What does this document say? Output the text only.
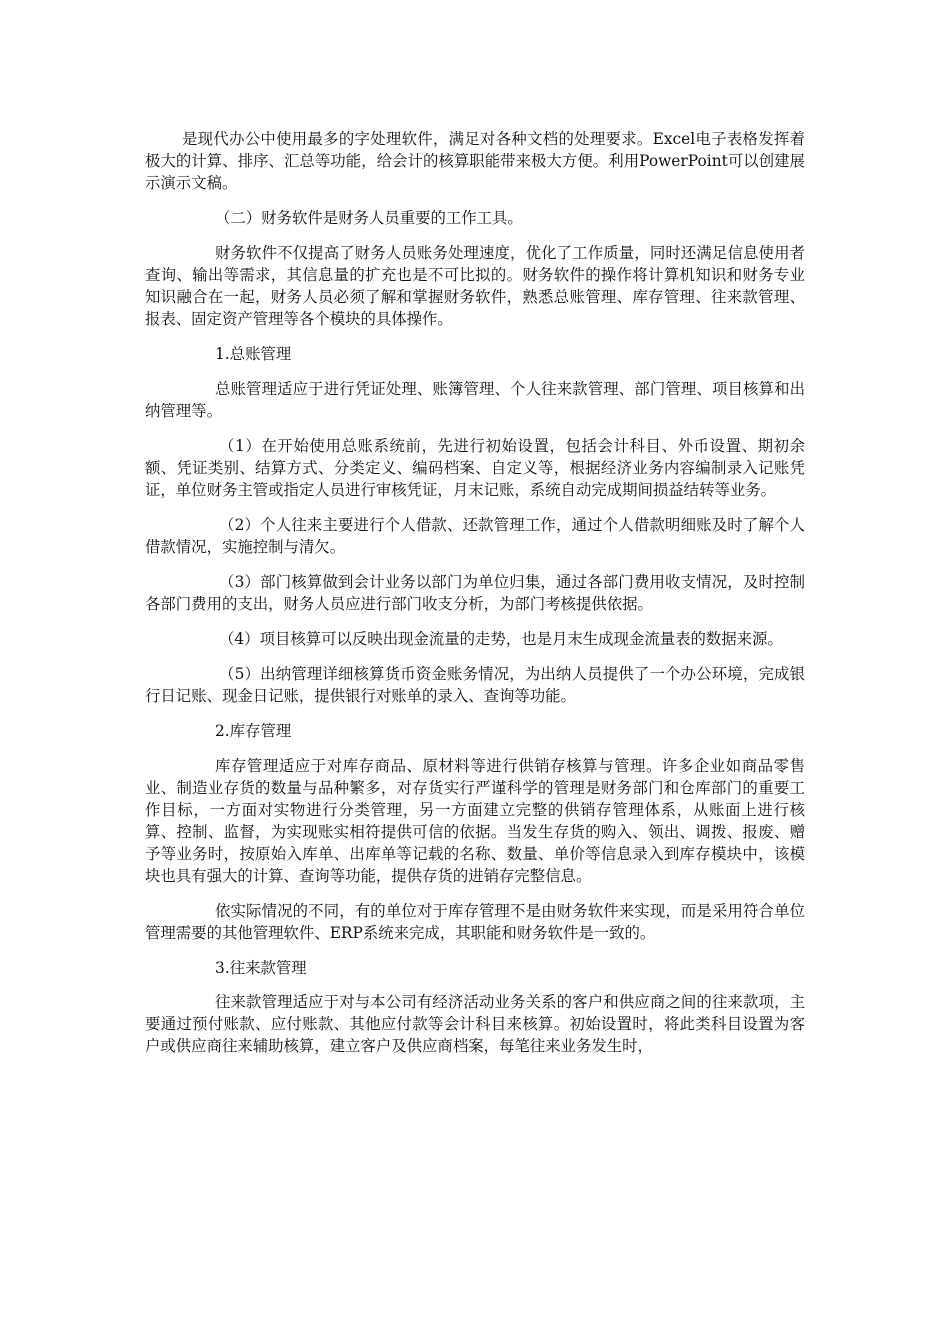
是现代办公中使用最多的字处理软件，满足对各种文档的处理要求。Excel电子表格发挥着极大的计算、排序、汇总等功能，给会计的核算职能带来极大方便。利用PowerPoint可以创建展示演示文稿。

（二）财务软件是财务人员重要的工作工具。

财务软件不仅提高了财务人员账务处理速度，优化了工作质量，同时还满足信息使用者查询、输出等需求，其信息量的扩充也是不可比拟的。财务软件的操作将计算机知识和财务专业知识融合在一起，财务人员必须了解和掌握财务软件，熟悉总账管理、库存管理、往来款管理、报表、固定资产管理等各个模块的具体操作。

1.总账管理

总账管理适应于进行凭证处理、账簿管理、个人往来款管理、部门管理、项目核算和出纳管理等。

（1）在开始使用总账系统前，先进行初始设置，包括会计科目、外币设置、期初余额、凭证类别、结算方式、分类定义、编码档案、自定义等，根据经济业务内容编制录入记账凭证，单位财务主管或指定人员进行审核凭证，月末记账，系统自动完成期间损益结转等业务。

（2）个人往来主要进行个人借款、还款管理工作，通过个人借款明细账及时了解个人借款情况，实施控制与清欠。

（3）部门核算做到会计业务以部门为单位归集，通过各部门费用收支情况，及时控制各部门费用的支出，财务人员应进行部门收支分析，为部门考核提供依据。

（4）项目核算可以反映出现金流量的走势，也是月末生成现金流量表的数据来源。

（5）出纳管理详细核算货币资金账务情况，为出纳人员提供了一个办公环境，完成银行日记账、现金日记账，提供银行对账单的录入、查询等功能。

2.库存管理

库存管理适应于对库存商品、原材料等进行供销存核算与管理。许多企业如商品零售业、制造业存货的数量与品种繁多，对存货实行严谨科学的管理是财务部门和仓库部门的重要工作目标，一方面对实物进行分类管理，另一方面建立完整的供销存管理体系，从账面上进行核算、控制、监督，为实现账实相符提供可信的依据。当发生存货的购入、领出、调拨、报废、赠予等业务时，按原始入库单、出库单等记载的名称、数量、单价等信息录入到库存模块中，该模块也具有强大的计算、查询等功能，提供存货的进销存完整信息。

依实际情况的不同，有的单位对于库存管理不是由财务软件来实现，而是采用符合单位管理需要的其他管理软件、ERP系统来完成，其职能和财务软件是一致的。

3.往来款管理

往来款管理适应于对与本公司有经济活动业务关系的客户和供应商之间的往来款项，主要通过预付账款、应付账款、其他应付款等会计科目来核算。初始设置时，将此类科目设置为客户或供应商往来辅助核算，建立客户及供应商档案，每笔往来业务发生时，
